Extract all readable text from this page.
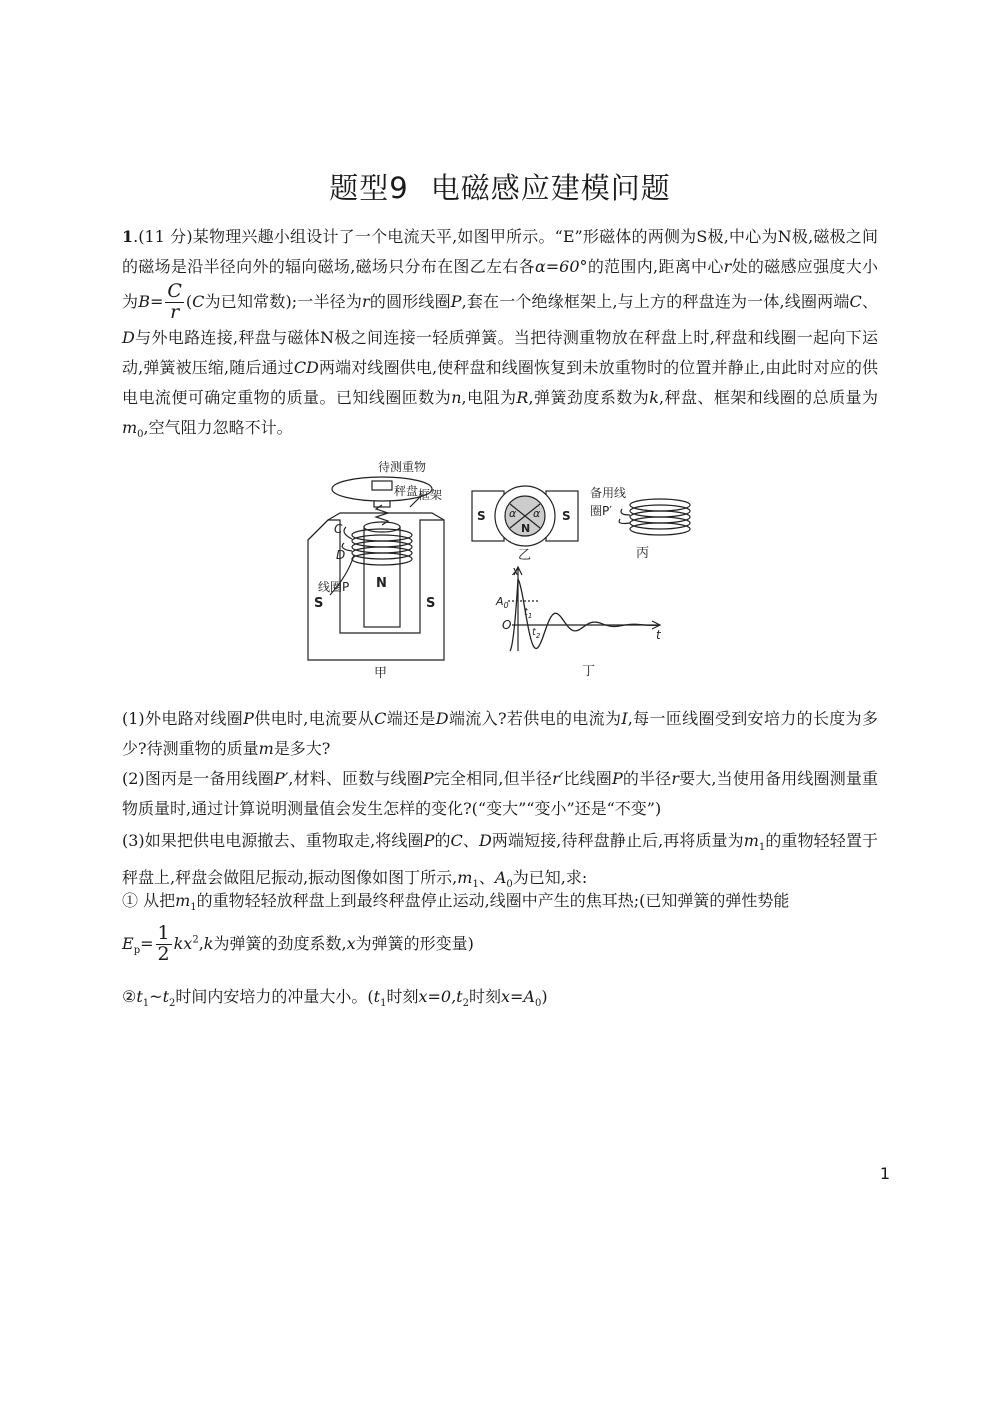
题型9 电磁感应建模问题
1.(11 分)某物理兴趣小组设计了一个电流天平,如图甲所示。“E”形磁体的两侧为S极,中心为N极,磁极之间的磁场是沿半径向外的辐向磁场,磁场只分布在图乙左右各α=60°的范围内,距离中心r处的磁感应强度大小为$B= \frac{C}{r} (C$为已知常数);一半径为r的圆形线圈P,套在一个绝缘框架上,与上方的秤盘连为一体,线圈两端C、D与外电路连接,秤盘与磁体N极之间连接一轻质弹簧。当把待测重物放在秤盘上时,秤盘和线圈一起向下运动,弹簧被压缩,随后通过CD两端对线圈供电,使秤盘和线圈恢复到未放重物时的位置并静止,由此时对应的供电电流便可确定重物的质量。已知线圈匝数为n,电阻为R,弹簧劲度系数为k,秤盘、框架和线圈的总质量为$m_0$,空气阻力忽略不计。
待测重物
秤盘 框架
C
D
线圈P N
S	S
甲
S	S
N
α α
乙
备用线
圈P′
丙
x
t
O
$A_0$
$t_1$
$t_2$
丁
(1)外电路对线圈P供电时,电流要从C端还是D端流入?若供电的电流为I,每一匝线圈受到安培力的长度为多少?待测重物的质量m是多大?
(2)图丙是一备用线圈P′,材料、匝数与线圈P完全相同,但半径r′比线圈P的半径r要大,当使用备用线圈测量重物质量时,通过计算说明测量值会发生怎样的变化?(“变大”“变小”还是“不变”)
(3)如果把供电电源撤去、重物取走,将线圈P的C、D两端短接,待秤盘静止后,再将质量为$m_1$的重物轻轻置于秤盘上,秤盘会做阻尼振动,振动图像如图丁所示$,m_1$、$A_0$为已知,求:
① 从把$m_1$的重物轻轻放秤盘上到最终秤盘停止运动,线圈中产生的焦耳热;(已知弹簧的弹性势能
$E_p= \frac{1}{2} kx^2,k$为弹簧的劲度系数,x为弹簧的形变量)
$②t_1\sim t_2$时间内安培力的冲量大小。($t_1$时刻$x=0,t_2$时刻$x=A_0$)
1
